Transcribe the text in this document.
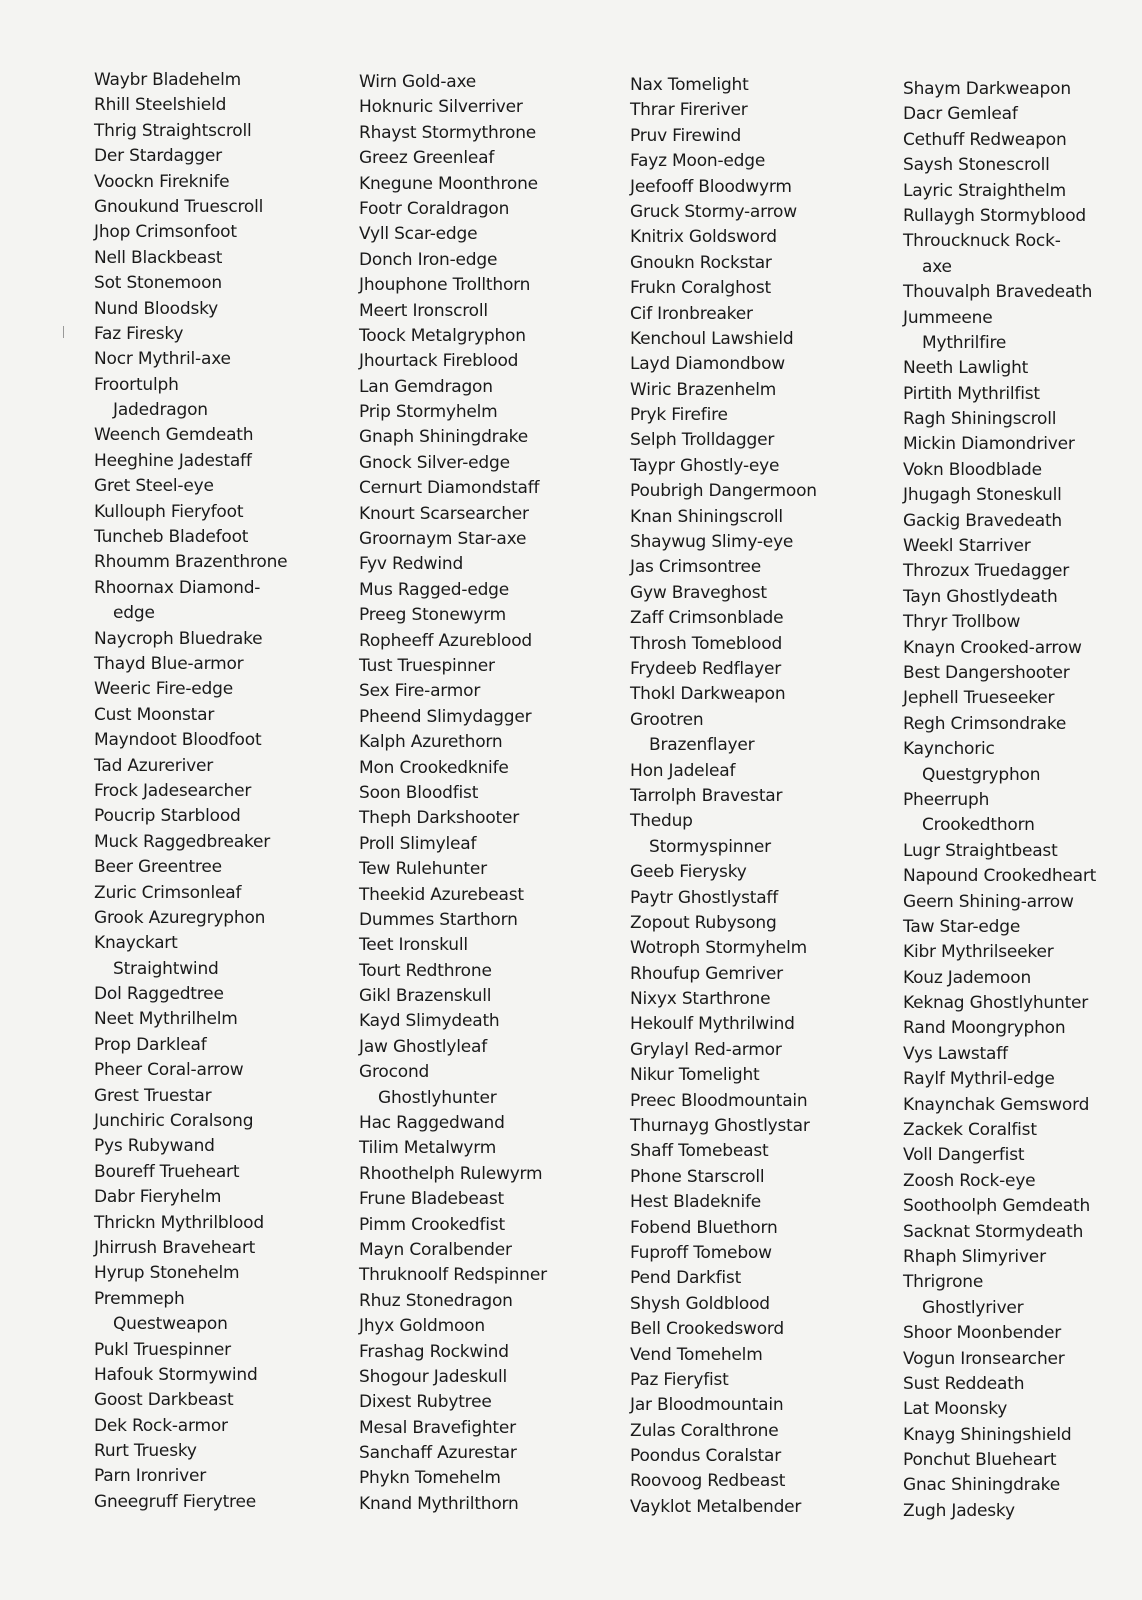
Waybr Bladehelm
Rhill Steelshield
Thrig Straightscroll
Der Stardagger
Voockn Fireknife
Gnoukund Truescroll
Jhop Crimsonfoot
Nell Blackbeast
Sot Stonemoon
Nund Bloodsky
Faz Firesky
Nocr Mythril-axe
Froortulph
Jadedragon
Weench Gemdeath
Heeghine Jadestaff
Gret Steel-eye
Kullouph Fieryfoot
Tuncheb Bladefoot
Rhoumm Brazenthrone
Rhoornax Diamond-
edge
Naycroph Bluedrake
Thayd Blue-armor
Weeric Fire-edge
Cust Moonstar
Mayndoot Bloodfoot
Tad Azureriver
Frock Jadesearcher
Poucrip Starblood
Muck Raggedbreaker
Beer Greentree
Zuric Crimsonleaf
Grook Azuregryphon
Knayckart
Straightwind
Dol Raggedtree
Neet Mythrilhelm
Prop Darkleaf
Pheer Coral-arrow
Grest Truestar
Junchiric Coralsong
Pys Rubywand
Boureff Trueheart
Dabr Fieryhelm
Thrickn Mythrilblood
Jhirrush Braveheart
Hyrup Stonehelm
Premmeph
Questweapon
Pukl Truespinner
Hafouk Stormywind
Goost Darkbeast
Dek Rock-armor
Rurt Truesky
Parn Ironriver
Gneegruff Fierytree
Wirn Gold-axe
Hoknuric Silverriver
Rhayst Stormythrone
Greez Greenleaf
Knegune Moonthrone
Footr Coraldragon
Vyll Scar-edge
Donch Iron-edge
Jhouphone Trollthorn
Meert Ironscroll
Toock Metalgryphon
Jhourtack Fireblood
Lan Gemdragon
Prip Stormyhelm
Gnaph Shiningdrake
Gnock Silver-edge
Cernurt Diamondstaff
Knourt Scarsearcher
Groornaym Star-axe
Fyv Redwind
Mus Ragged-edge
Preeg Stonewyrm
Ropheeff Azureblood
Tust Truespinner
Sex Fire-armor
Pheend Slimydagger
Kalph Azurethorn
Mon Crookedknife
Soon Bloodfist
Theph Darkshooter
Proll Slimyleaf
Tew Rulehunter
Theekid Azurebeast
Dummes Starthorn
Teet Ironskull
Tourt Redthrone
Gikl Brazenskull
Kayd Slimydeath
Jaw Ghostlyleaf
Grocond
Ghostlyhunter
Hac Raggedwand
Tilim Metalwyrm
Rhoothelph Rulewyrm
Frune Bladebeast
Pimm Crookedfist
Mayn Coralbender
Thruknoolf Redspinner
Rhuz Stonedragon
Jhyx Goldmoon
Frashag Rockwind
Shogour Jadeskull
Dixest Rubytree
Mesal Bravefighter
Sanchaff Azurestar
Phykn Tomehelm
Knand Mythrilthorn
Nax Tomelight
Thrar Fireriver
Pruv Firewind
Fayz Moon-edge
Jeefooff Bloodwyrm
Gruck Stormy-arrow
Knitrix Goldsword
Gnoukn Rockstar
Frukn Coralghost
Cif Ironbreaker
Kenchoul Lawshield
Layd Diamondbow
Wiric Brazenhelm
Pryk Firefire
Selph Trolldagger
Taypr Ghostly-eye
Poubrigh Dangermoon
Knan Shiningscroll
Shaywug Slimy-eye
Jas Crimsontree
Gyw Braveghost
Zaff Crimsonblade
Throsh Tomeblood
Frydeeb Redflayer
Thokl Darkweapon
Grootren
Brazenflayer
Hon Jadeleaf
Tarrolph Bravestar
Thedup
Stormyspinner
Geeb Fierysky
Paytr Ghostlystaff
Zopout Rubysong
Wotroph Stormyhelm
Rhoufup Gemriver
Nixyx Starthrone
Hekoulf Mythrilwind
Grylayl Red-armor
Nikur Tomelight
Preec Bloodmountain
Thurnayg Ghostlystar
Shaff Tomebeast
Phone Starscroll
Hest Bladeknife
Fobend Bluethorn
Fuproff Tomebow
Pend Darkfist
Shysh Goldblood
Bell Crookedsword
Vend Tomehelm
Paz Fieryfist
Jar Bloodmountain
Zulas Coralthrone
Poondus Coralstar
Roovoog Redbeast
Vayklot Metalbender
Shaym Darkweapon
Dacr Gemleaf
Cethuff Redweapon
Saysh Stonescroll
Layric Straighthelm
Rullaygh Stormyblood
Throucknuck Rock-
axe
Thouvalph Bravedeath
Jummeene
Mythrilfire
Neeth Lawlight
Pirtith Mythrilfist
Ragh Shiningscroll
Mickin Diamondriver
Vokn Bloodblade
Jhugagh Stoneskull
Gackig Bravedeath
Weekl Starriver
Throzux Truedagger
Tayn Ghostlydeath
Thryr Trollbow
Knayn Crooked-arrow
Best Dangershooter
Jephell Trueseeker
Regh Crimsondrake
Kaynchoric
Questgryphon
Pheerruph
Crookedthorn
Lugr Straightbeast
Napound Crookedheart
Geern Shining-arrow
Taw Star-edge
Kibr Mythrilseeker
Kouz Jademoon
Keknag Ghostlyhunter
Rand Moongryphon
Vys Lawstaff
Raylf Mythril-edge
Knaynchak Gemsword
Zackek Coralfist
Voll Dangerfist
Zoosh Rock-eye
Soothoolph Gemdeath
Sacknat Stormydeath
Rhaph Slimyriver
Thrigrone
Ghostlyriver
Shoor Moonbender
Vogun Ironsearcher
Sust Reddeath
Lat Moonsky
Knayg Shiningshield
Ponchut Blueheart
Gnac Shiningdrake
Zugh Jadesky
